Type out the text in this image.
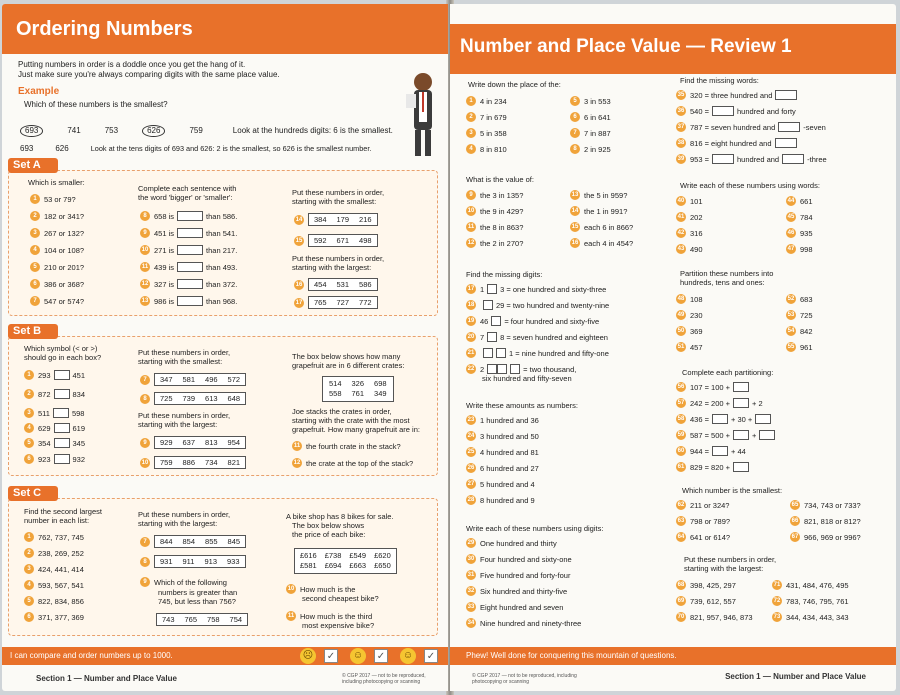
Ordering Numbers
Putting numbers in order is a doddle once you get the hang of it.
Just make sure you're always comparing digits with the same place value.
Example
Which of these numbers is the smallest?
693	741	753	626	759	Look at the hundreds digits: 6 is the smallest.
693	626	Look at the tens digits of 693 and 626: 2 is the smallest, so 626 is the smallest number.
Set A
Which is smaller:
1 53 or 79?
2 182 or 341?
3 267 or 132?
4 104 or 108?
5 210 or 201?
6 386 or 368?
7 547 or 574?
Complete each sentence with
the word 'bigger' or 'smaller':
8 658 is	than 586.
9 451 is	than 541.
10 271 is	than 217.
11 439 is	than 493.
12 327 is	than 372.
13 986 is	than 968.
Put these numbers in order,
starting with the smallest:
14 384 179 216
15 592 671 498
Put these numbers in order,
starting with the largest:
16 454 531 586
17 765 727 772
Set B
Which symbol (< or >)
should go in each box?
1 293	451
2 872	834
3 511	598
4 629	619
5 354	345
6 923	932
Put these numbers in order,
starting with the smallest:
7	347 581 496 572
8	725 739 613 648
Put these numbers in order,
starting with the largest:
9	929 637 813 954
10 759 886 734 821
The box below shows how many
grapefruit are in 6 different crates:
514 326 698
558 761 349
Joe stacks the crates in order,
starting with the crate with the most
grapefruit. How many grapefruit are in:
11 the fourth crate in the stack?
12 the crate at the top of the stack?
Set C
Find the second largest
number in each list:
1 762, 737, 745
2 238, 269, 252
3 424, 441, 414
4 593, 567, 541
5 822, 834, 856
6 371, 377, 369
Put these numbers in order,
starting with the largest:
7	844 854 855 845
8	931 911 913 933
9 Which of the following
numbers is greater than
745, but less than 756?
743 765 758 754
A bike shop has 8 bikes for sale.
The box below shows
the price of each bike:
£616 £738 £549 £620
£581 £694 £663 £650
10 How much is the
second cheapest bike?
11 How much is the third
most expensive bike?
I can compare and order numbers up to 1000.	☹ ✓ ☺ ✓ ☺ ✓
Section 1 — Number and Place Value	© CGP 2017 — not to be reproduced, including photocopying or scanning
Number and Place Value — Review 1
Write down the place of the:
1 4 in 234
2 7 in 679
3 5 in 358
4 8 in 810
5 3 in 553
6 6 in 641
7 7 in 887
8 2 in 925
What is the value of:
9 the 3 in 135?
10 the 9 in 429?
11 the 8 in 863?
12 the 2 in 270?
13 the 5 in 959?
14 the 1 in 991?
15 each 6 in 866?
16 each 4 in 454?
Find the missing digits:
17 1 3 = one hundred and sixty-three
18	29 = two hundred and twenty-nine
19 46 = four hundred and sixty-five
20 7 8 = seven hundred and eighteen
21	1 = nine hundred and fifty-one
22 2	= two thousand,
six hundred and fifty-seven
Write these amounts as numbers:
23 1 hundred and 36
24 3 hundred and 50
25 4 hundred and 81
26 6 hundred and 27
27 5 hundred and 4
28 8 hundred and 9
Write each of these numbers using digits:
29 One hundred and thirty
30 Four hundred and sixty-one
31 Five hundred and forty-four
32 Six hundred and thirty-five
33 Eight hundred and seven
34 Nine hundred and ninety-three
Find the missing words:
35 320 = three hundred and
36 540 =	hundred and forty
37 787 = seven hundred and	-seven
38 816 = eight hundred and
39 953 =	hundred and	-three
Write each of these numbers using words:
40 101
41 202
42 316
43 490
44 661
45 784
46 935
47 998
Partition these numbers into
hundreds, tens and ones:
48 108
49 230
50 369
51 457
52 683
53 725
54 842
55 961
Complete each partitioning:
56 107 = 100 +
57 242 = 200 +	+ 2
58 436 =	+ 30 +
59 587 = 500 +	+
60 944 =	+ 44
61 829 = 820 +
Which number is the smallest:
62 211 or 324?
63 798 or 789?
64 641 or 614?
65 734, 743 or 733?
66 821, 818 or 812?
67 966, 969 or 996?
Put these numbers in order,
starting with the largest:
68 398, 425, 297
69 739, 612, 557
70 821, 957, 946, 873
71 431, 484, 476, 495
72 783, 746, 795, 761
73 344, 434, 443, 343
Phew! Well done for conquering this mountain of questions.
© CGP 2017 — not to be reproduced, including photocopying or scanning
Section 1 — Number and Place Value
